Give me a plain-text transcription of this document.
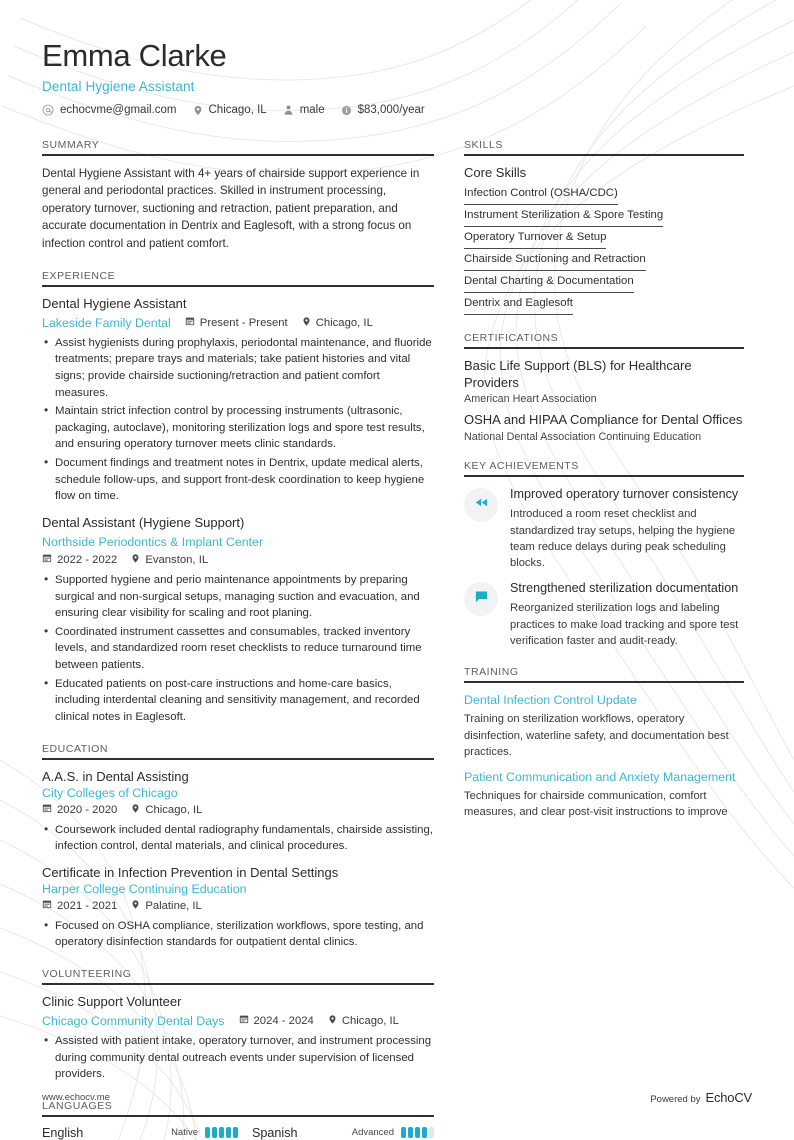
Emma Clarke
Dental Hygiene Assistant
echocvme@gmail.com	Chicago, IL	male	$83,000/year
SUMMARY
Dental Hygiene Assistant with 4+ years of chairside support experience in general and periodontal practices. Skilled in instrument processing, operatory turnover, suctioning and retraction, patient preparation, and accurate documentation in Dentrix and Eaglesoft, with a strong focus on infection control and patient comfort.
EXPERIENCE
Dental Hygiene Assistant
Lakeside Family Dental	Present - Present Chicago, IL
• Assist hygienists during prophylaxis, periodontal maintenance, and fluoride treatments; prepare trays and materials; take patient histories and vital signs; provide chairside suctioning/retraction and patient comfort measures.
• Maintain strict infection control by processing instruments (ultrasonic, packaging, autoclave), monitoring sterilization logs and spore test results, and ensuring operatory turnover meets clinic standards.
• Document findings and treatment notes in Dentrix, update medical alerts, schedule follow-ups, and support front-desk coordination to keep hygiene flow on time.
Dental Assistant (Hygiene Support)
Northside Periodontics & Implant Center
2022 - 2022 Evanston, IL
• Supported hygiene and perio maintenance appointments by preparing surgical and non-surgical setups, managing suction and evacuation, and ensuring clear visibility for scaling and root planing.
• Coordinated instrument cassettes and consumables, tracked inventory levels, and standardized room reset checklists to reduce turnaround time between patients.
• Educated patients on post-care instructions and home-care basics, including interdental cleaning and sensitivity management, and recorded clinical notes in Eaglesoft.
EDUCATION
A.A.S. in Dental Assisting
City Colleges of Chicago
2020 - 2020 Chicago, IL
• Coursework included dental radiography fundamentals, chairside assisting, infection control, dental materials, and clinical procedures.
Certificate in Infection Prevention in Dental Settings
Harper College Continuing Education
2021 - 2021 Palatine, IL
• Focused on OSHA compliance, sterilization workflows, spore testing, and operatory disinfection standards for outpatient dental clinics.
VOLUNTEERING
Clinic Support Volunteer
Chicago Community Dental Days	2024 - 2024 Chicago, IL
• Assisted with patient intake, operatory turnover, and instrument processing during community dental outreach events under supervision of licensed providers.
LANGUAGES
English	Native	Spanish	Advanced
SKILLS
Core Skills
Infection Control (OSHA/CDC)
Instrument Sterilization & Spore Testing
Operatory Turnover & Setup
Chairside Suctioning and Retraction
Dental Charting & Documentation
Dentrix and Eaglesoft
CERTIFICATIONS
Basic Life Support (BLS) for Healthcare Providers
American Heart Association
OSHA and HIPAA Compliance for Dental Offices
National Dental Association Continuing Education
KEY ACHIEVEMENTS
Improved operatory turnover consistency
Introduced a room reset checklist and standardized tray setups, helping the hygiene team reduce delays during peak scheduling blocks.
Strengthened sterilization documentation
Reorganized sterilization logs and labeling practices to make load tracking and spore test verification faster and audit-ready.
TRAINING
Dental Infection Control Update
Training on sterilization workflows, operatory disinfection, waterline safety, and documentation best practices.
Patient Communication and Anxiety Management
Techniques for chairside communication, comfort measures, and clear post-visit instructions to improve
www.echocv.me	Powered by EchoCV
